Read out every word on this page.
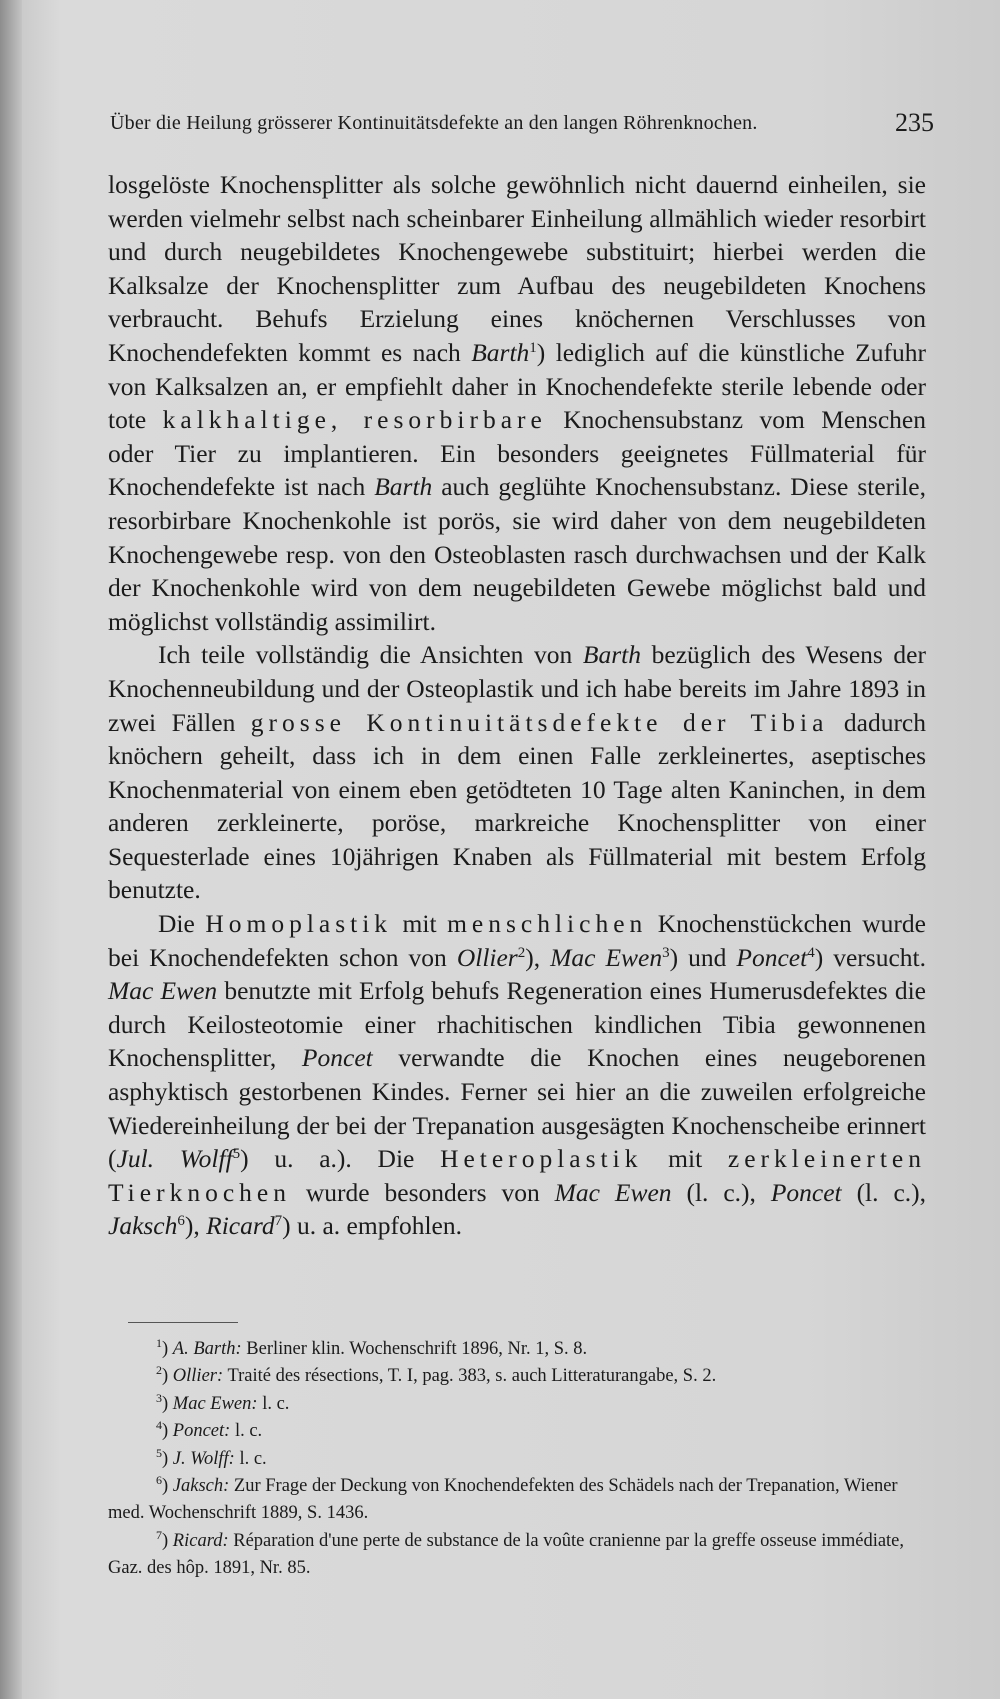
Über die Heilung grösserer Kontinuitätsdefekte an den langen Röhrenknochen.	235

losgelöste Knochensplitter als solche gewöhnlich nicht dauernd einheilen, sie werden vielmehr selbst nach scheinbarer Einheilung allmählich wieder resorbirt und durch neugebildetes Knochengewebe substituirt; hierbei werden die Kalksalze der Knochensplitter zum Aufbau des neugebildeten Knochens verbraucht. Behufs Erzielung eines knöchernen Verschlusses von Knochendefekten kommt es nach Barth$^1$) lediglich auf die künstliche Zufuhr von Kalksalzen an, er empfiehlt daher in Knochendefekte sterile lebende oder tote kalkhaltige, resorbirbare Knochensubstanz vom Menschen oder Tier zu implantieren. Ein besonders geeignetes Füllmaterial für Knochendefekte ist nach Barth auch geglühte Knochensubstanz. Diese sterile, resorbirbare Knochenkohle ist porös, sie wird daher von dem neugebildeten Knochengewebe resp. von den Osteoblasten rasch durchwachsen und der Kalk der Knochenkohle wird von dem neugebildeten Gewebe möglichst bald und möglichst vollständig assimilirt.

Ich teile vollständig die Ansichten von Barth bezüglich des Wesens der Knochenneubildung und der Osteoplastik und ich habe bereits im Jahre 1893 in zwei Fällen grosse Kontinuitätsdefekte der Tibia dadurch knöchern geheilt, dass ich in dem einen Falle zerkleinertes, aseptisches Knochenmaterial von einem eben getödteten 10 Tage alten Kaninchen, in dem anderen zerkleinerte, poröse, markreiche Knochensplitter von einer Sequesterlade eines 10jährigen Knaben als Füllmaterial mit bestem Erfolg benutzte.

Die Homoplastik mit menschlichen Knochenstückchen wurde bei Knochendefekten schon von Ollier$^2$), Mac Ewen$^3$) und Poncet$^4$) versucht. Mac Ewen benutzte mit Erfolg behufs Regeneration eines Humerusdefektes die durch Keilosteotomie einer rhachitischen kindlichen Tibia gewonnenen Knochensplitter, Poncet verwandte die Knochen eines neugeborenen asphyktisch gestorbenen Kindes. Ferner sei hier an die zuweilen erfolgreiche Wiedereinheilung der bei der Trepanation ausgesägten Knochenscheibe erinnert (Jul. Wolff$^5$) u. a.). Die Heteroplastik mit zerkleinerten Tierknochen wurde besonders von Mac Ewen (l. c.), Poncet (l. c.), Jaksch$^6$), Ricard$^7$) u. a. empfohlen.

$^1$) A. Barth: Berliner klin. Wochenschrift 1896, Nr. 1, S. 8.

$^2$) Ollier: Traité des résections, T. I, pag. 383, s. auch Litteraturangabe, S. 2.

$^3$) Mac Ewen: l. c.

$^4$) Poncet: l. c.

$^5$) J. Wolff: l. c.

$^6$) Jaksch: Zur Frage der Deckung von Knochendefekten des Schädels nach der Trepanation, Wiener med. Wochenschrift 1889, S. 1436.

$^7$) Ricard: Réparation d'une perte de substance de la voûte cranienne par la greffe osseuse immédiate, Gaz. des hôp. 1891, Nr. 85.
